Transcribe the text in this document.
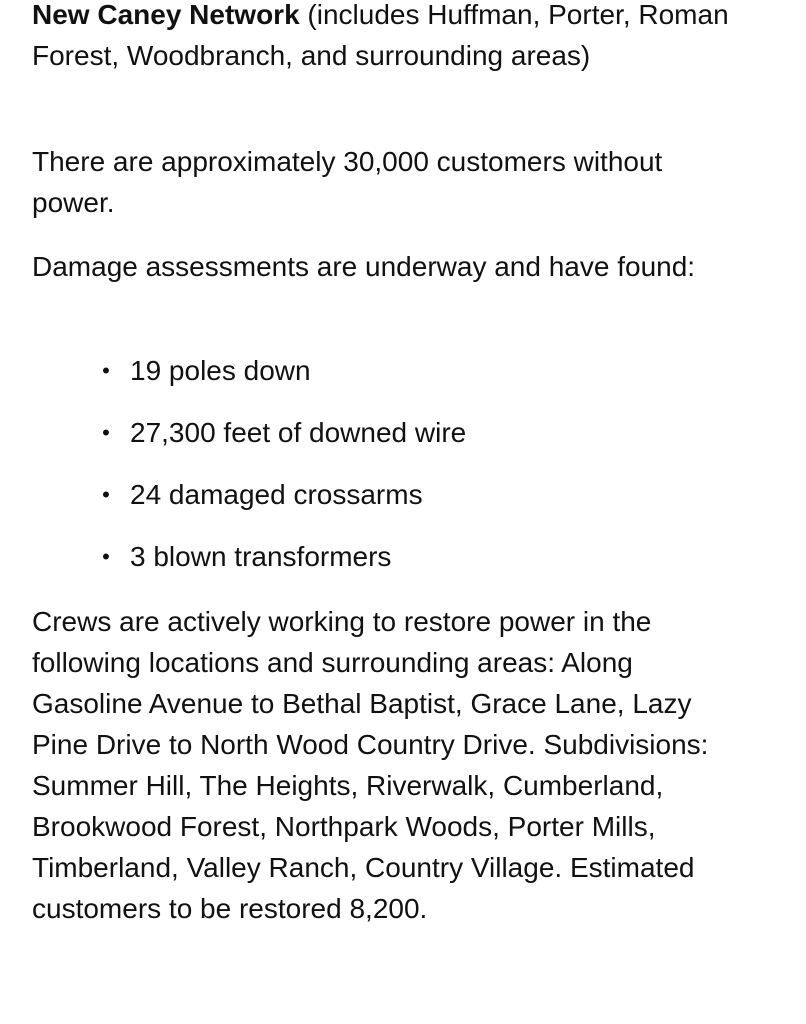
New Caney Network (includes Huffman, Porter, Roman Forest, Woodbranch, and surrounding areas)

There are approximately 30,000 customers without power.

Damage assessments are underway and have found:

• 19 poles down
• 27,300 feet of downed wire
• 24 damaged crossarms
• 3 blown transformers

Crews are actively working to restore power in the following locations and surrounding areas: Along Gasoline Avenue to Bethal Baptist, Grace Lane, Lazy Pine Drive to North Wood Country Drive. Subdivisions: Summer Hill, The Heights, Riverwalk, Cumberland, Brookwood Forest, Northpark Woods, Porter Mills, Timberland, Valley Ranch, Country Village. Estimated customers to be restored 8,200.
